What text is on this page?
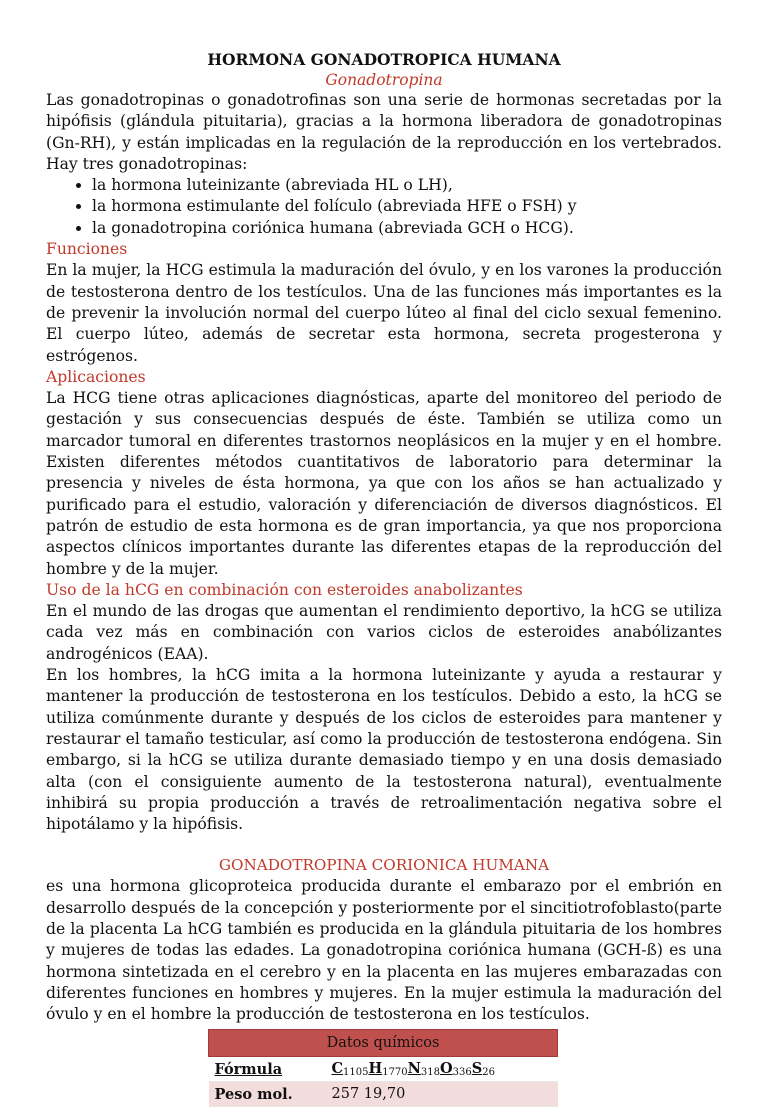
HORMONA GONADOTROPICA HUMANA
Gonadotropina

Las gonadotropinas o gonadotrofinas son una serie de hormonas secretadas por la hipófisis (glándula pituitaria), gracias a la hormona liberadora de gonadotropinas (Gn-RH), y están implicadas en la regulación de la reproducción en los vertebrados. Hay tres gonadotropinas:

• la hormona luteinizante (abreviada HL o LH),
• la hormona estimulante del folículo (abreviada HFE o FSH) y
• la gonadotropina coriónica humana (abreviada GCH o HCG).
Funciones

En la mujer, la HCG estimula la maduración del óvulo, y en los varones la producción de testosterona dentro de los testículos. Una de las funciones más importantes es la de prevenir la involución normal del cuerpo lúteo al final del ciclo sexual femenino. El cuerpo lúteo, además de secretar esta hormona, secreta progesterona y estrógenos.

Aplicaciones

La HCG tiene otras aplicaciones diagnósticas, aparte del monitoreo del periodo de gestación y sus consecuencias después de éste. También se utiliza como un marcador tumoral en diferentes trastornos neoplásicos en la mujer y en el hombre. Existen diferentes métodos cuantitativos de laboratorio para determinar la presencia y niveles de ésta hormona, ya que con los años se han actualizado y purificado para el estudio, valoración y diferenciación de diversos diagnósticos. El patrón de estudio de esta hormona es de gran importancia, ya que nos proporciona aspectos clínicos importantes durante las diferentes etapas de la reproducción del hombre y de la mujer.

Uso de la hCG en combinación con esteroides anabolizantes

En el mundo de las drogas que aumentan el rendimiento deportivo, la hCG se utiliza cada vez más en combinación con varios ciclos de esteroides anabólizantes androgénicos (EAA).

En los hombres, la hCG imita a la hormona luteinizante y ayuda a restaurar y mantener la producción de testosterona en los testículos. Debido a esto, la hCG se utiliza comúnmente durante y después de los ciclos de esteroides para mantener y restaurar el tamaño testicular, así como la producción de testosterona endógena. Sin embargo, si la hCG se utiliza durante demasiado tiempo y en una dosis demasiado alta (con el consiguiente aumento de la testosterona natural), eventualmente inhibirá su propia producción a través de retroalimentación negativa sobre el hipotálamo y la hipófisis.

GONADOTROPINA CORIONICA HUMANA

es una hormona glicoproteica producida durante el embarazo por el embrión en desarrollo después de la concepción y posteriormente por el sincitiotrofoblasto(parte de la placenta La hCG también es producida en la glándula pituitaria de los hombres y mujeres de todas las edades. La gonadotropina coriónica humana (GCH-ß) es una hormona sintetizada en el cerebro y en la placenta en las mujeres embarazadas con diferentes funciones en hombres y mujeres. En la mujer estimula la maduración del óvulo y en el hombre la producción de testosterona en los testículos.

Datos químicos	
Fórmula	$C_{1105}H_{1770}N_{318}O_{336}S_{26}$
Peso mol.	257 19,70
